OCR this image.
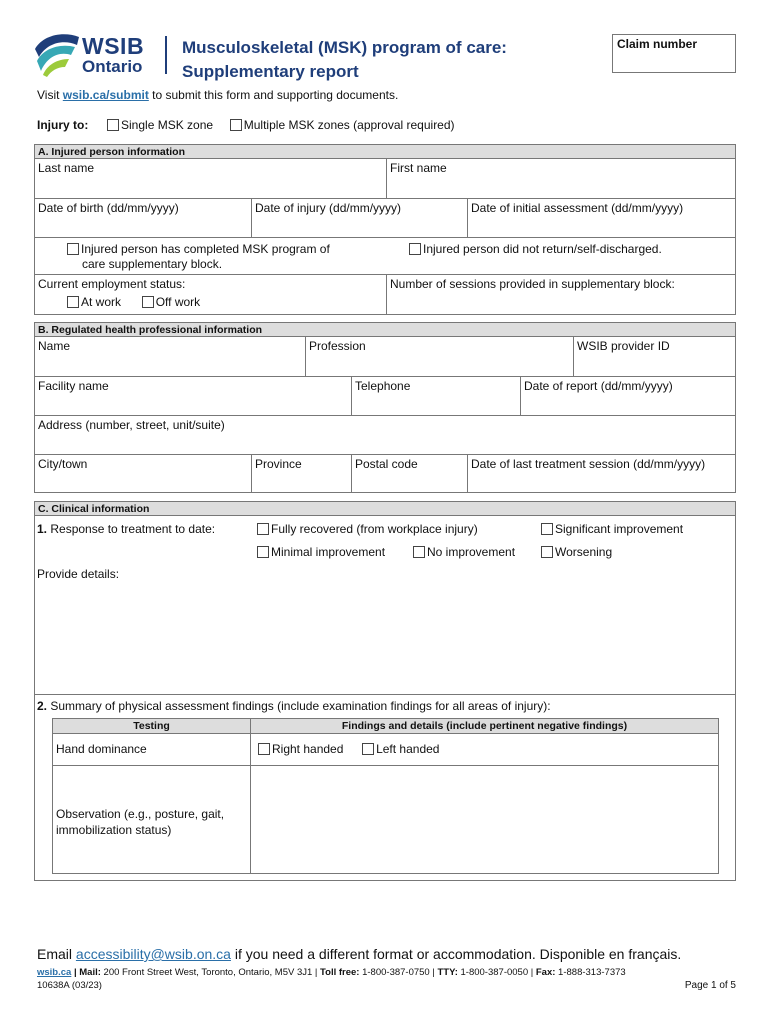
WSIB
Ontario
Musculoskeletal (MSK) program of care:
Supplementary report
Claim number
Visit wsib.ca/submit to submit this form and supporting documents.
Injury to:	Single MSK zone	Multiple MSK zones (approval required)
A. Injured person information
Last name	First name
Date of birth (dd/mm/yyyy)	Date of injury (dd/mm/yyyy)	Date of initial assessment (dd/mm/yyyy)
Injured person has completed MSK program of
care supplementary block.
Injured person did not return/self-discharged.
Current employment status:
At work	Off work
Number of sessions provided in supplementary block:
B. Regulated health professional information
Name	Profession	WSIB provider ID
Facility name	Telephone	Date of report (dd/mm/yyyy)
Address (number, street, unit/suite)
City/town	Province	Postal code	Date of last treatment session (dd/mm/yyyy)
C. Clinical information
1. Response to treatment to date:	Fully recovered (from workplace injury)	Significant improvement
Minimal improvement	No improvement	Worsening
Provide details:
2. Summary of physical assessment findings (include examination findings for all areas of injury):
Testing	Findings and details (include pertinent negative findings)
Hand dominance	Right handed	Left handed
Observation (e.g., posture, gait,
immobilization status)
Email accessibility@wsib.on.ca if you need a different format or accommodation. Disponible en français.
wsib.ca | Mail: 200 Front Street West, Toronto, Ontario, M5V 3J1 | Toll free: 1-800-387-0750 | TTY: 1-800-387-0050 | Fax: 1-888-313-7373
10638A (03/23)	Page 1 of 5
